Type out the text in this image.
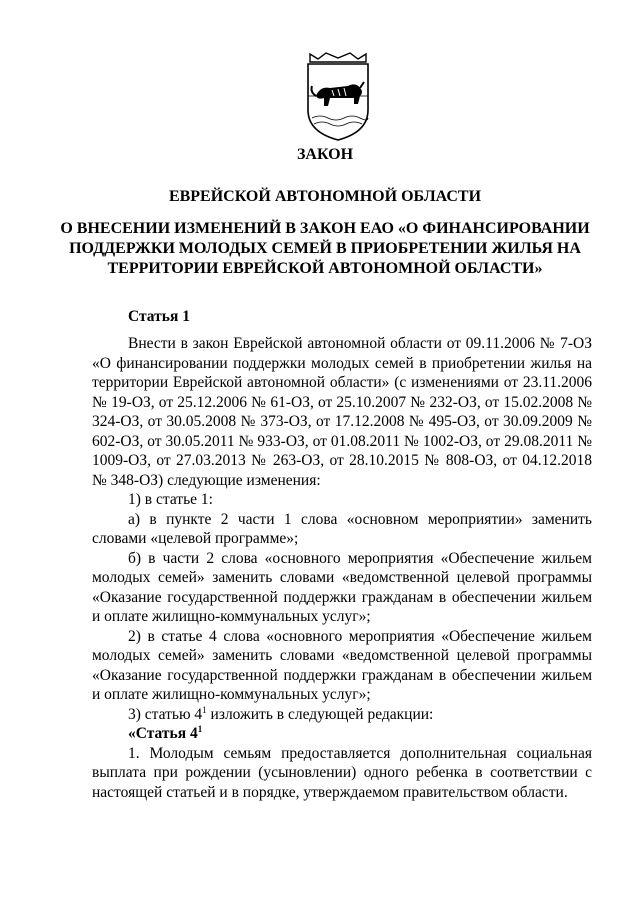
ЗАКОН
ЕВРЕЙСКОЙ АВТОНОМНОЙ ОБЛАСТИ
О ВНЕСЕНИИ ИЗМЕНЕНИЙ В ЗАКОН ЕАО «О ФИНАНСИРОВАНИИ
ПОДДЕРЖКИ МОЛОДЫХ СЕМЕЙ В ПРИОБРЕТЕНИИ ЖИЛЬЯ НА
ТЕРРИТОРИИ ЕВРЕЙСКОЙ АВТОНОМНОЙ ОБЛАСТИ»
Статья 1

Внести в закон Еврейской автономной области от 09.11.2006 № 7-ОЗ «О финансировании поддержки молодых семей в приобретении жилья на территории Еврейской автономной области» (с изменениями от 23.11.2006 № 19-ОЗ, от 25.12.2006 № 61-ОЗ, от 25.10.2007 № 232-ОЗ, от 15.02.2008 № 324-ОЗ, от 30.05.2008 № 373-ОЗ, от 17.12.2008 № 495-ОЗ, от 30.09.2009 № 602-ОЗ, от 30.05.2011 № 933-ОЗ, от 01.08.2011 № 1002-ОЗ, от 29.08.2011 № 1009-ОЗ, от 27.03.2013 № 263-ОЗ, от 28.10.2015 № 808-ОЗ, от 04.12.2018 № 348-ОЗ) следующие изменения:

1) в статье 1:

а) в пункте 2 части 1 слова «основном мероприятии» заменить словами «целевой программе»;

б) в части 2 слова «основного мероприятия «Обеспечение жильем молодых семей» заменить словами «ведомственной целевой программы «Оказание государственной поддержки гражданам в обеспечении жильем и оплате жилищно-коммунальных услуг»;

2) в статье 4 слова «основного мероприятия «Обеспечение жильем молодых семей» заменить словами «ведомственной целевой программы «Оказание государственной поддержки гражданам в обеспечении жильем и оплате жилищно-коммунальных услуг»;

3) статью $4^1$ изложить в следующей редакции:

«Статья $4^1$

1. Молодым семьям предоставляется дополнительная социальная выплата при рождении (усыновлении) одного ребенка в соответствии с настоящей статьей и в порядке, утверждаемом правительством области.
